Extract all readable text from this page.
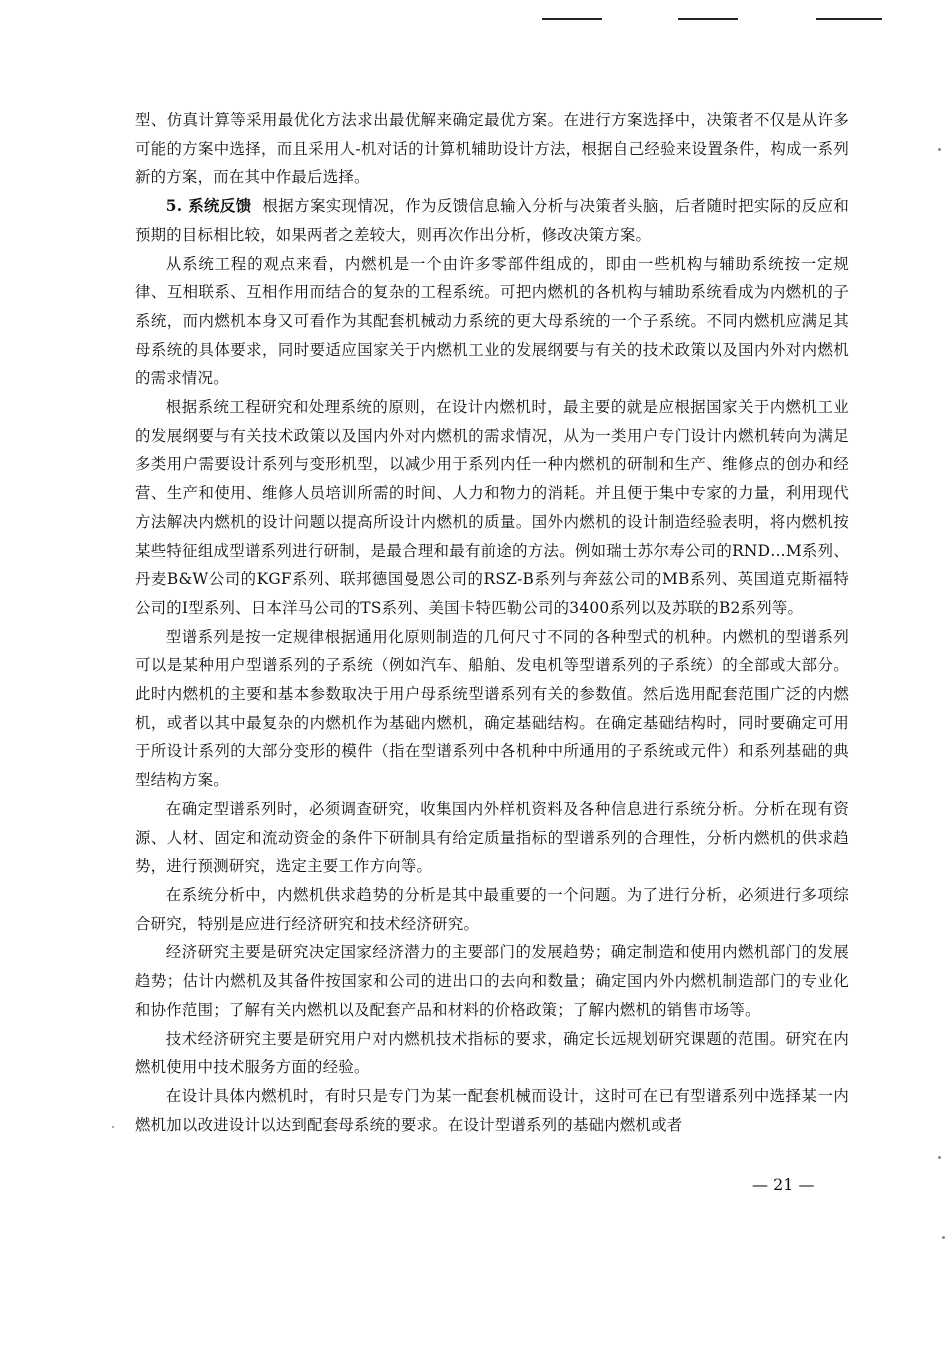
型、仿真计算等采用最优化方法求出最优解来确定最优方案。在进行方案选择中，决策者不仅是从许多可能的方案中选择，而且采用人-机对话的计算机辅助设计方法，根据自己经验来设置条件，构成一系列新的方案，而在其中作最后选择。

5. 系统反馈 根据方案实现情况，作为反馈信息输入分析与决策者头脑，后者随时把实际的反应和预期的目标相比较，如果两者之差较大，则再次作出分析，修改决策方案。

从系统工程的观点来看，内燃机是一个由许多零部件组成的，即由一些机构与辅助系统按一定规律、互相联系、互相作用而结合的复杂的工程系统。可把内燃机的各机构与辅助系统看成为内燃机的子系统，而内燃机本身又可看作为其配套机械动力系统的更大母系统的一个子系统。不同内燃机应满足其母系统的具体要求，同时要适应国家关于内燃机工业的发展纲要与有关的技术政策以及国内外对内燃机的需求情况。

根据系统工程研究和处理系统的原则，在设计内燃机时，最主要的就是应根据国家关于内燃机工业的发展纲要与有关技术政策以及国内外对内燃机的需求情况，从为一类用户专门设计内燃机转向为满足多类用户需要设计系列与变形机型，以减少用于系列内任一种内燃机的研制和生产、维修点的创办和经营、生产和使用、维修人员培训所需的时间、人力和物力的消耗。并且便于集中专家的力量，利用现代方法解决内燃机的设计问题以提高所设计内燃机的质量。国外内燃机的设计制造经验表明，将内燃机按某些特征组成型谱系列进行研制，是最合理和最有前途的方法。例如瑞士苏尔寿公司的RND…M系列、丹麦B&W公司的KGF系列、联邦德国曼恩公司的RSZ-B系列与奔兹公司的MB系列、英国道克斯福特公司的Ⅰ型系列、日本洋马公司的TS系列、美国卡特匹勒公司的3400系列以及苏联的B2系列等。

型谱系列是按一定规律根据通用化原则制造的几何尺寸不同的各种型式的机种。内燃机的型谱系列可以是某种用户型谱系列的子系统（例如汽车、船舶、发电机等型谱系列的子系统）的全部或大部分。此时内燃机的主要和基本参数取决于用户母系统型谱系列有关的参数值。然后选用配套范围广泛的内燃机，或者以其中最复杂的内燃机作为基础内燃机，确定基础结构。在确定基础结构时，同时要确定可用于所设计系列的大部分变形的模件（指在型谱系列中各机种中所通用的子系统或元件）和系列基础的典型结构方案。

在确定型谱系列时，必须调查研究，收集国内外样机资料及各种信息进行系统分析。分析在现有资源、人材、固定和流动资金的条件下研制具有给定质量指标的型谱系列的合理性，分析内燃机的供求趋势，进行预测研究，选定主要工作方向等。

在系统分析中，内燃机供求趋势的分析是其中最重要的一个问题。为了进行分析，必须进行多项综合研究，特别是应进行经济研究和技术经济研究。

经济研究主要是研究决定国家经济潜力的主要部门的发展趋势；确定制造和使用内燃机部门的发展趋势；估计内燃机及其备件按国家和公司的进出口的去向和数量；确定国内外内燃机制造部门的专业化和协作范围；了解有关内燃机以及配套产品和材料的价格政策；了解内燃机的销售市场等。

技术经济研究主要是研究用户对内燃机技术指标的要求，确定长远规划研究课题的范围。研究在内燃机使用中技术服务方面的经验。

在设计具体内燃机时，有时只是专门为某一配套机械而设计，这时可在已有型谱系列中选择某一内燃机加以改进设计以达到配套母系统的要求。在设计型谱系列的基础内燃机或者

— 21 —
